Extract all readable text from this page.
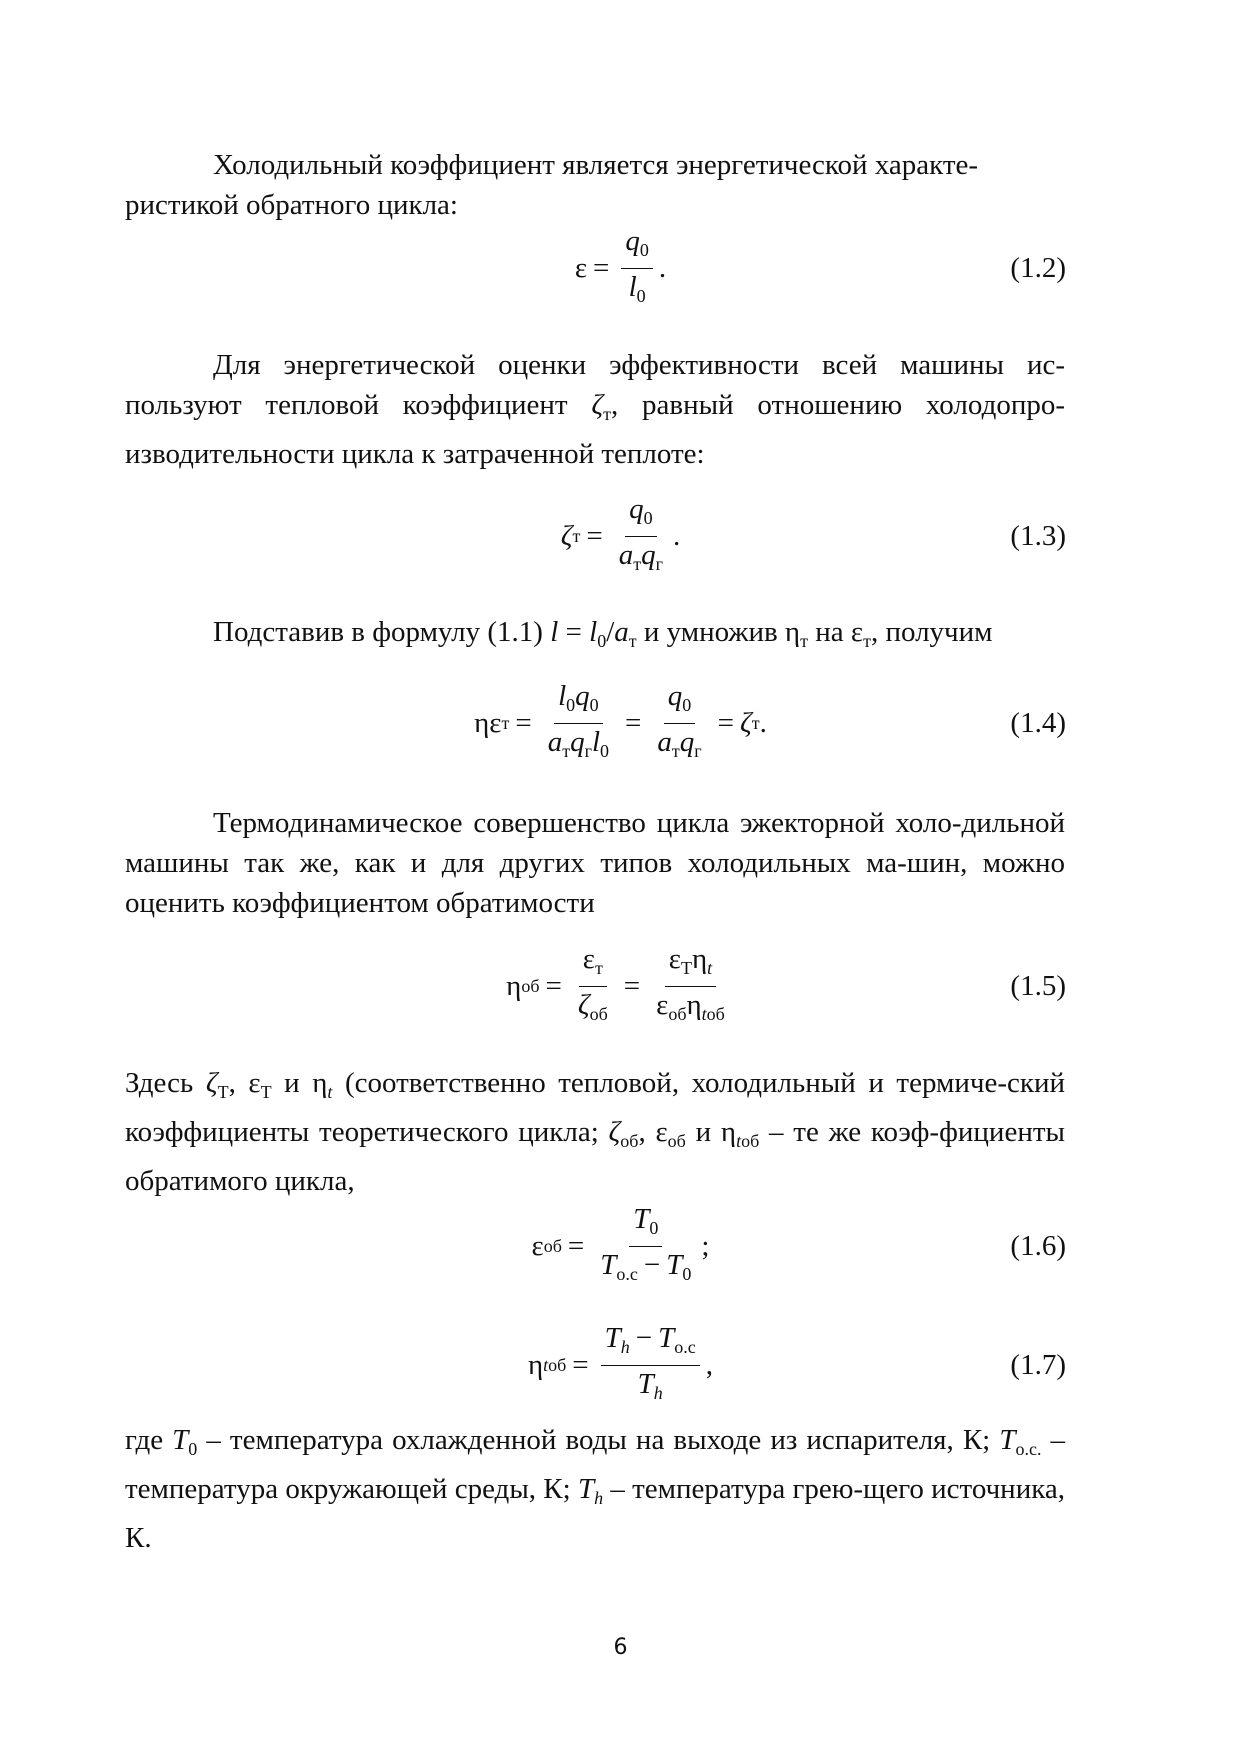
Холодильный коэффициент является энергетической характе-
ристикой обратного цикла:

$\varepsilon = \frac{q_0}{l_0}$ .	(1.2)

Для энергетической оценки эффективности всей машины ис-пользуют тепловой коэффициент $\zeta_т$, равный отношению холодопро-изводительности цикла к затраченной теплоте:

ζ $т = \frac{q_0}{a_тq_г}$ .	(1.3)

Подставив в формулу (1.1) $l = l_0/a_т$ и умножив $\eta_т$ на $\varepsilon_т$, получим

ηε $т = \frac{l_0q_0}{a_тq_гl_0} = \frac{q_0}{a_тq_г} = \zeta$ т .	(1.4)

Термодинамическое совершенство цикла эжекторной холо-дильной машины так же, как и для других типов холодильных ма-шин, можно оценить коэффициентом обратимости

η об = $\frac{\varepsilon_т}{\zeta_{об}} = \frac{\varepsilon_Т\eta_t}{\varepsilon_{об}\eta_{tоб}}$	(1.5)

Здесь $\zeta_Т$, $\varepsilon_Т$ и $\eta_t$ (соответственно тепловой, холодильный и термиче-ский коэффициенты теоретического цикла; $\zeta_{об}$, $\varepsilon_{об}$ и $\eta_{tоб}$ – те же коэф-фициенты обратимого цикла,

ε об = $\frac{T_0}{T_{о.с} - T_0}$ ;	(1.6)
η t об = $\frac{T_h - T_{о.с}}{T_h}$ ,	(1.7)

где $T_0$ – температура охлажденной воды на выходе из испарителя, К; $T_{о.с.}$ – температура окружающей среды, К; $T_h$ – температура грею-щего источника, К.

6
